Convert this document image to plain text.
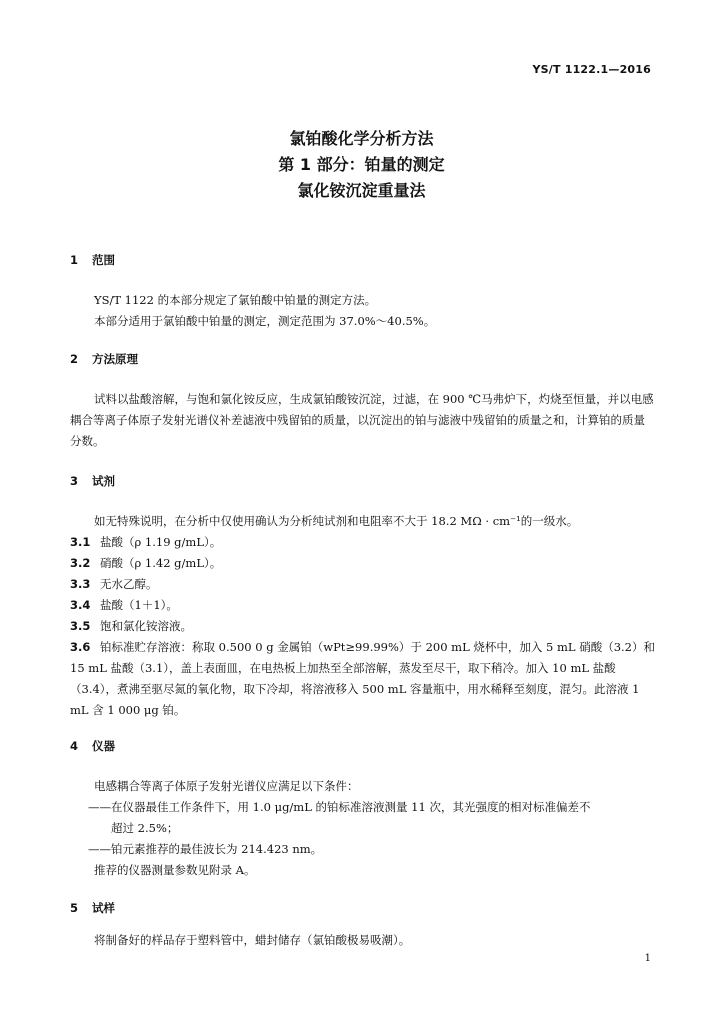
YS/T 1122.1—2016
氯铂酸化学分析方法
第 1 部分：铂量的测定
氯化铵沉淀重量法
1 范围
YS/T 1122 的本部分规定了氯铂酸中铂量的测定方法。
本部分适用于氯铂酸中铂量的测定，测定范围为 37.0%～40.5%。
2 方法原理
试料以盐酸溶解，与饱和氯化铵反应，生成氯铂酸铵沉淀，过滤，在 900 ℃马弗炉下，灼烧至恒量，并以电感耦合等离子体原子发射光谱仪补差滤液中残留铂的质量，以沉淀出的铂与滤液中残留铂的质量之和，计算铂的质量分数。
3 试剂
如无特殊说明，在分析中仅使用确认为分析纯试剂和电阻率不大于 18.2 MΩ · cm⁻¹的一级水。
3.1 盐酸（ρ 1.19 g/mL）。
3.2 硝酸（ρ 1.42 g/mL）。
3.3 无水乙醇。
3.4 盐酸（1＋1）。
3.5 饱和氯化铵溶液。
3.6 铂标准贮存溶液：称取 0.500 0 g 金属铂（wPt≥99.99%）于 200 mL 烧杯中，加入 5 mL 硝酸（3.2）和 15 mL 盐酸（3.1），盖上表面皿，在电热板上加热至全部溶解，蒸发至尽干，取下稍冷。加入 10 mL 盐酸（3.4），煮沸至驱尽氮的氧化物，取下冷却，将溶液移入 500 mL 容量瓶中，用水稀释至刻度，混匀。此溶液 1 mL 含 1 000 μg 铂。
4 仪器
电感耦合等离子体原子发射光谱仪应满足以下条件：
——在仪器最佳工作条件下，用 1.0 μg/mL 的铂标准溶液测量 11 次，其光强度的相对标准偏差不
超过 2.5%；
——铂元素推荐的最佳波长为 214.423 nm。
推荐的仪器测量参数见附录 A。
5 试样
将制备好的样品存于塑料管中，蜡封储存（氯铂酸极易吸潮）。
1
